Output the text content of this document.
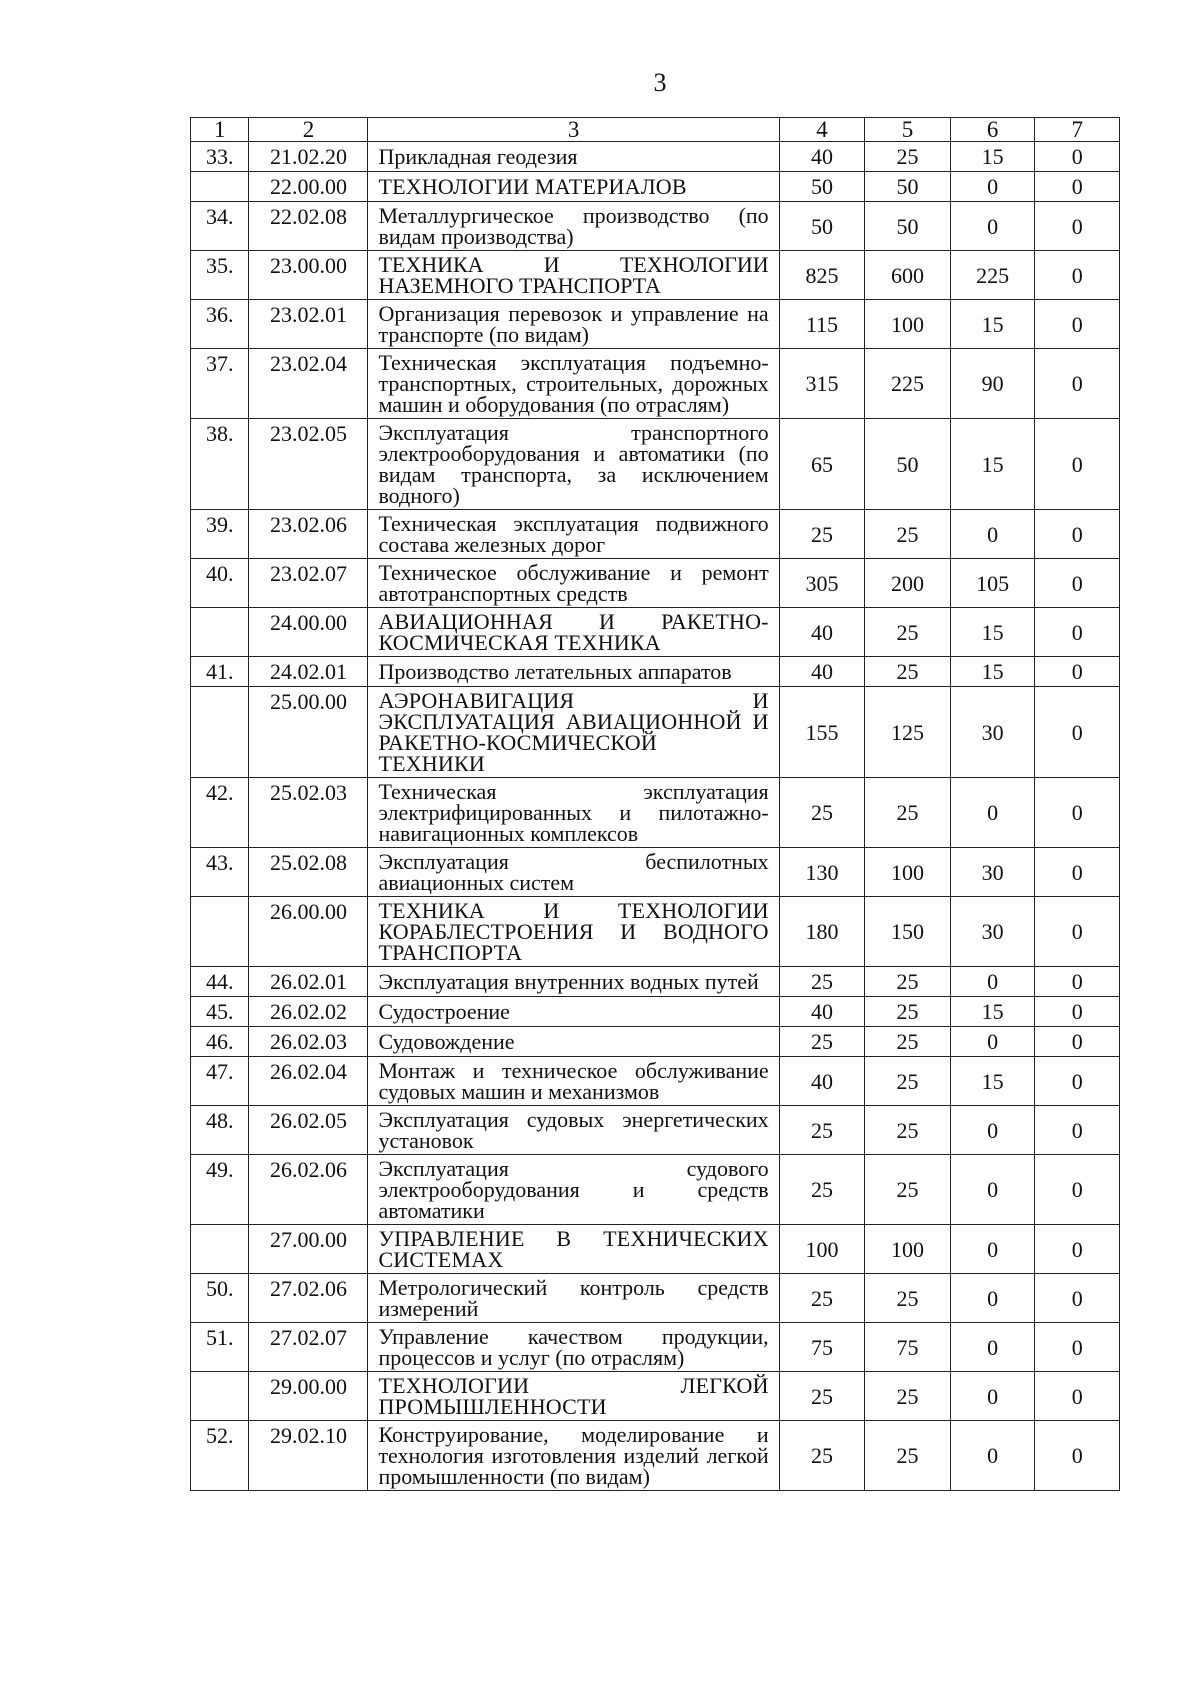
3
1	2	3	4	5	6	7
33.	21.02.20	Прикладная геодезия	40	25	15	0
	22.00.00	ТЕХНОЛОГИИ МАТЕРИАЛОВ	50	50	0	0
34.	22.02.08	Металлургическое производство (по видам производства)	50	50	0	0
35.	23.00.00	ТЕХНИКА И ТЕХНОЛОГИИ НАЗЕМНОГО ТРАНСПОРТА	825	600	225	0
36.	23.02.01	Организация перевозок и управление на транспорте (по видам)	115	100	15	0
37.	23.02.04	Техническая эксплуатация подъемно-транспортных, строительных, дорожных машин и оборудования (по отраслям)	315	225	90	0
38.	23.02.05	Эксплуатация транспортного электрооборудования и автоматики (по видам транспорта, за исключением водного)	65	50	15	0
39.	23.02.06	Техническая эксплуатация подвижного состава железных дорог	25	25	0	0
40.	23.02.07	Техническое обслуживание и ремонт автотранспортных средств	305	200	105	0
	24.00.00	АВИАЦИОННАЯ И РАКЕТНО-КОСМИЧЕСКАЯ ТЕХНИКА	40	25	15	0
41.	24.02.01	Производство летательных аппаратов	40	25	15	0
	25.00.00	АЭРОНАВИГАЦИЯ И ЭКСПЛУАТАЦИЯ АВИАЦИОННОЙ И РАКЕТНО-КОСМИЧЕСКОЙ ТЕХНИКИ	155	125	30	0
42.	25.02.03	Техническая эксплуатация электрифицированных и пилотажно-навигационных комплексов	25	25	0	0
43.	25.02.08	Эксплуатация беспилотных авиационных систем	130	100	30	0
	26.00.00	ТЕХНИКА И ТЕХНОЛОГИИ КОРАБЛЕСТРОЕНИЯ И ВОДНОГО ТРАНСПОРТА	180	150	30	0
44.	26.02.01	Эксплуатация внутренних водных путей	25	25	0	0
45.	26.02.02	Судостроение	40	25	15	0
46.	26.02.03	Судовождение	25	25	0	0
47.	26.02.04	Монтаж и техническое обслуживание судовых машин и механизмов	40	25	15	0
48.	26.02.05	Эксплуатация судовых энергетических установок	25	25	0	0
49.	26.02.06	Эксплуатация судового электрооборудования и средств автоматики	25	25	0	0
	27.00.00	УПРАВЛЕНИЕ В ТЕХНИЧЕСКИХ СИСТЕМАХ	100	100	0	0
50.	27.02.06	Метрологический контроль средств измерений	25	25	0	0
51.	27.02.07	Управление качеством продукции, процессов и услуг (по отраслям)	75	75	0	0
	29.00.00	ТЕХНОЛОГИИ ЛЕГКОЙ ПРОМЫШЛЕННОСТИ	25	25	0	0
52.	29.02.10	Конструирование, моделирование и технология изготовления изделий легкой промышленности (по видам)	25	25	0	0
